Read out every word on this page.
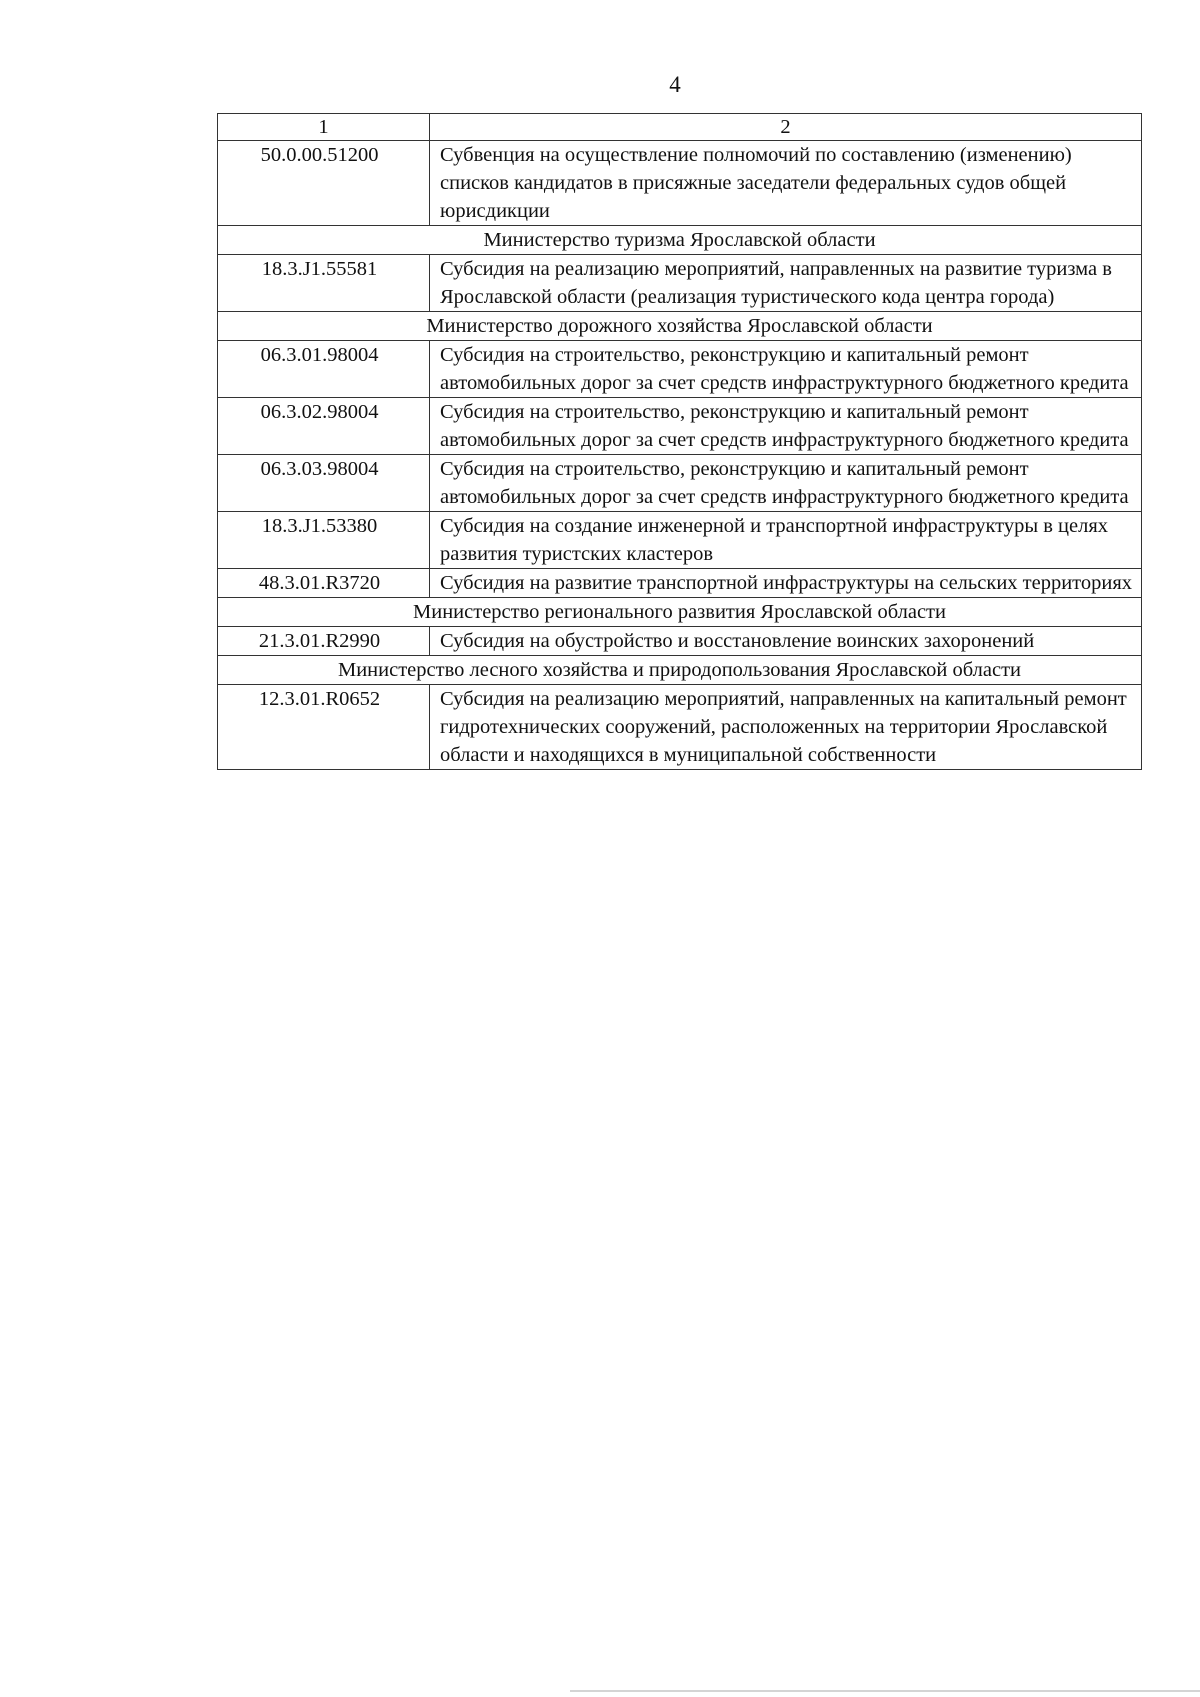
4
1	2
50.0.00.51200	Субвенция на осуществление полномочий по составлению (изменению) списков кандидатов в присяжные заседатели федеральных судов общей юрисдикции
Министерство туризма Ярославской области	
18.3.J1.55581	Субсидия на реализацию мероприятий, направленных на развитие туризма в Ярославской области (реализация туристического кода центра города)
Министерство дорожного хозяйства Ярославской области	
06.3.01.98004	Субсидия на строительство, реконструкцию и капитальный ремонт автомобильных дорог за счет средств инфраструктурного бюджетного кредита
06.3.02.98004	Субсидия на строительство, реконструкцию и капитальный ремонт автомобильных дорог за счет средств инфраструктурного бюджетного кредита
06.3.03.98004	Субсидия на строительство, реконструкцию и капитальный ремонт автомобильных дорог за счет средств инфраструктурного бюджетного кредита
18.3.J1.53380	Субсидия на создание инженерной и транспортной инфраструктуры в целях развития туристских кластеров
48.3.01.R3720	Субсидия на развитие транспортной инфраструктуры на сельских территориях
Министерство регионального развития Ярославской области	
21.3.01.R2990	Субсидия на обустройство и восстановление воинских захоронений
Министерство лесного хозяйства и природопользования Ярославской области	
12.3.01.R0652	Субсидия на реализацию мероприятий, направленных на капитальный ремонт гидротехнических сооружений, расположенных на территории Ярославской области и находящихся в муниципальной собственности
